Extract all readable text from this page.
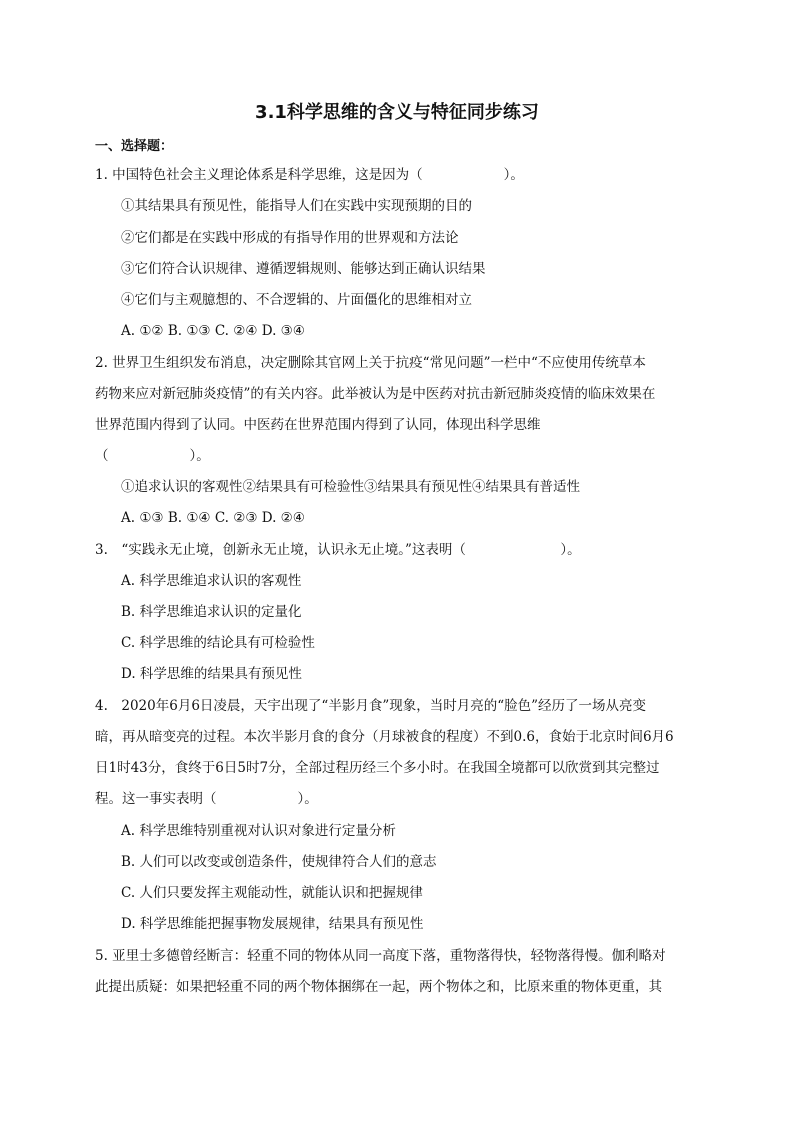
3.1科学思维的含义与特征同步练习
一、选择题：
1. 中国特色社会主义理论体系是科学思维，这是因为（　　　　　　）。
①其结果具有预见性，能指导人们在实践中实现预期的目的
②它们都是在实践中形成的有指导作用的世界观和方法论
③它们符合认识规律、遵循逻辑规则、能够达到正确认识结果
④它们与主观臆想的、不合逻辑的、片面僵化的思维相对立
A. ①② B. ①③ C. ②④ D. ③④
2. 世界卫生组织发布消息，决定删除其官网上关于抗疫“常见问题”一栏中“不应使用传统草本
药物来应对新冠肺炎疫情”的有关内容。此举被认为是中医药对抗击新冠肺炎疫情的临床效果在
世界范围内得到了认同。中医药在世界范围内得到了认同，体现出科学思维
（　　　　　　）。
①追求认识的客观性②结果具有可检验性③结果具有预见性④结果具有普适性
A. ①③ B. ①④ C. ②③ D. ②④
3.　“实践永无止境，创新永无止境，认识永无止境。”这表明（　　　　　　　）。
A. 科学思维追求认识的客观性
B. 科学思维追求认识的定量化
C. 科学思维的结论具有可检验性
D. 科学思维的结果具有预见性
4.　2020年6月6日凌晨，天宇出现了“半影月食”现象，当时月亮的“脸色”经历了一场从亮变
暗，再从暗变亮的过程。本次半影月食的食分（月球被食的程度）不到0.6，食始于北京时间6月6
日1时43分，食终于6日5时7分，全部过程历经三个多小时。在我国全境都可以欣赏到其完整过
程。这一事实表明（　　　　　　）。
A. 科学思维特别重视对认识对象进行定量分析
B. 人们可以改变或创造条件，使规律符合人们的意志
C. 人们只要发挥主观能动性，就能认识和把握规律
D. 科学思维能把握事物发展规律，结果具有预见性
5. 亚里士多德曾经断言：轻重不同的物体从同一高度下落，重物落得快，轻物落得慢。伽利略对
此提出质疑：如果把轻重不同的两个物体捆绑在一起，两个物体之和，比原来重的物体更重，其
